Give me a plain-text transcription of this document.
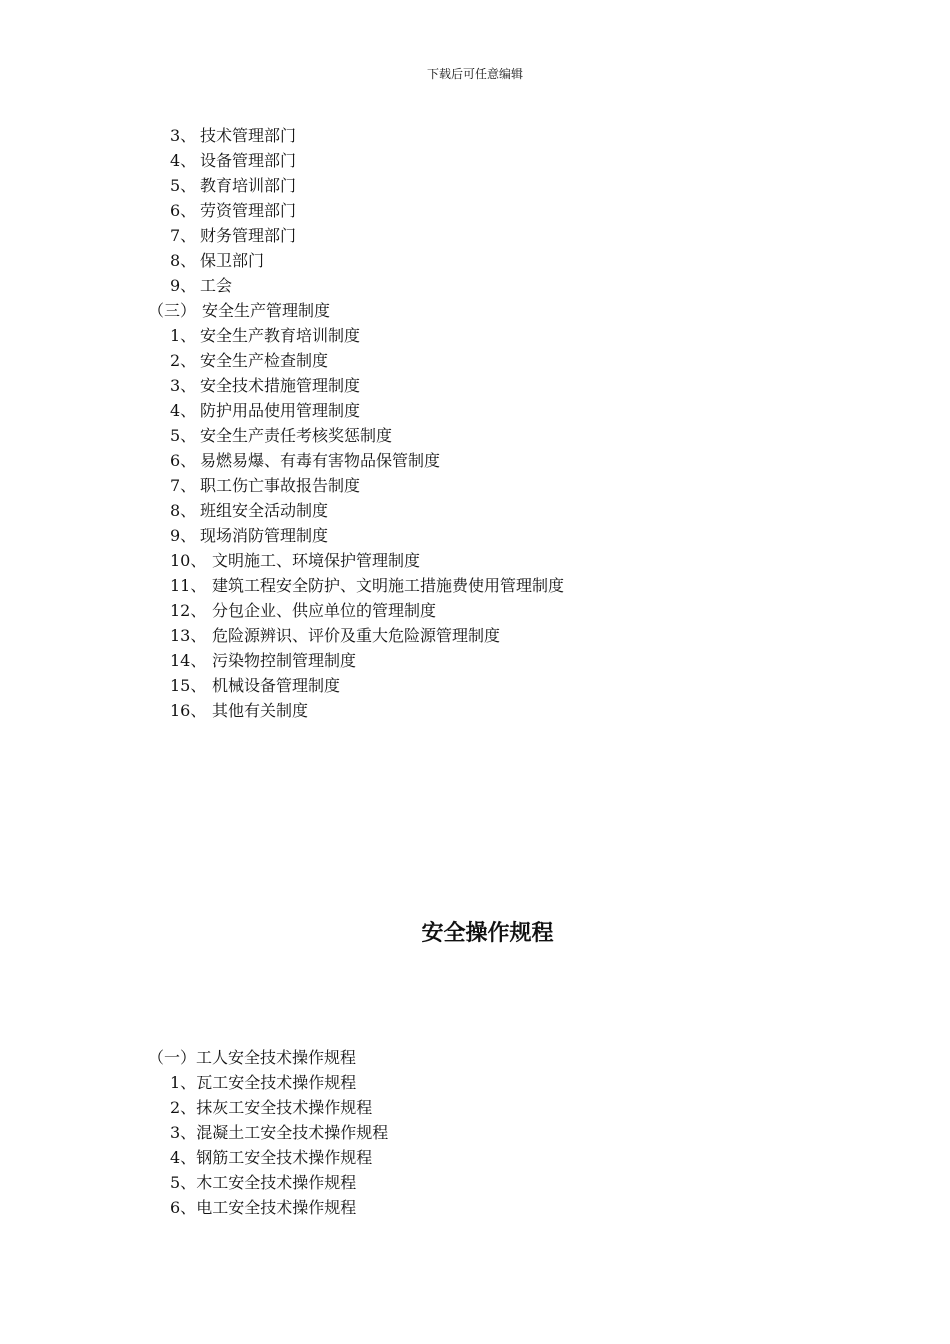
下载后可任意编辑
3、 技术管理部门
4、 设备管理部门
5、 教育培训部门
6、 劳资管理部门
7、 财务管理部门
8、 保卫部门
9、 工会
（三） 安全生产管理制度
1、 安全生产教育培训制度
2、 安全生产检查制度
3、 安全技术措施管理制度
4、 防护用品使用管理制度
5、 安全生产责任考核奖惩制度
6、 易燃易爆、有毒有害物品保管制度
7、 职工伤亡事故报告制度
8、 班组安全活动制度
9、 现场消防管理制度
10、 文明施工、环境保护管理制度
11、 建筑工程安全防护、文明施工措施费使用管理制度
12、 分包企业、供应单位的管理制度
13、 危险源辨识、评价及重大危险源管理制度
14、 污染物控制管理制度
15、 机械设备管理制度
16、 其他有关制度
安全操作规程
（一）工人安全技术操作规程
1、瓦工安全技术操作规程
2、抹灰工安全技术操作规程
3、混凝土工安全技术操作规程
4、钢筋工安全技术操作规程
5、木工安全技术操作规程
6、电工安全技术操作规程
